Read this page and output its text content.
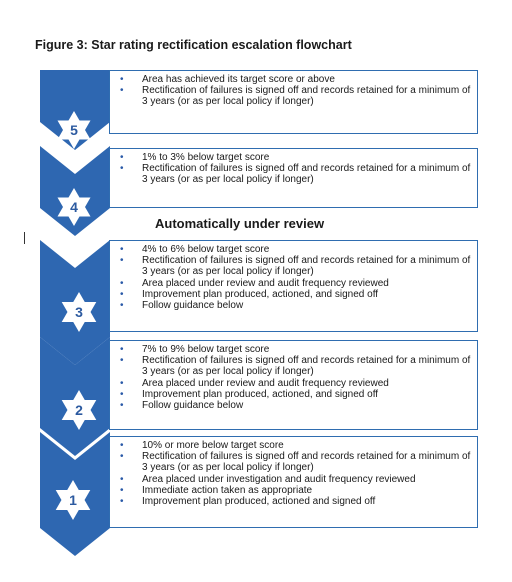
Figure 3: Star rating rectification escalation flowchart
5
4
3
2
1
Automatically under review
• Area has achieved its target score or above
• Rectification of failures is signed off and records retained for a minimum of 3 years (or as per local policy if longer)
• 1% to 3% below target score
• Rectification of failures is signed off and records retained for a minimum of 3 years (or as per local policy if longer)
• 4% to 6% below target score
• Rectification of failures is signed off and records retained for a minimum of 3 years (or as per local policy if longer)
• Area placed under review and audit frequency reviewed
• Improvement plan produced, actioned, and signed off
• Follow guidance below
• 7% to 9% below target score
• Rectification of failures is signed off and records retained for a minimum of 3 years (or as per local policy if longer)
• Area placed under review and audit frequency reviewed
• Improvement plan produced, actioned, and signed off
• Follow guidance below
• 10% or more below target score
• Rectification of failures is signed off and records retained for a minimum of 3 years (or as per local policy if longer)
• Area placed under investigation and audit frequency reviewed
• Immediate action taken as appropriate
• Improvement plan produced, actioned and signed off
